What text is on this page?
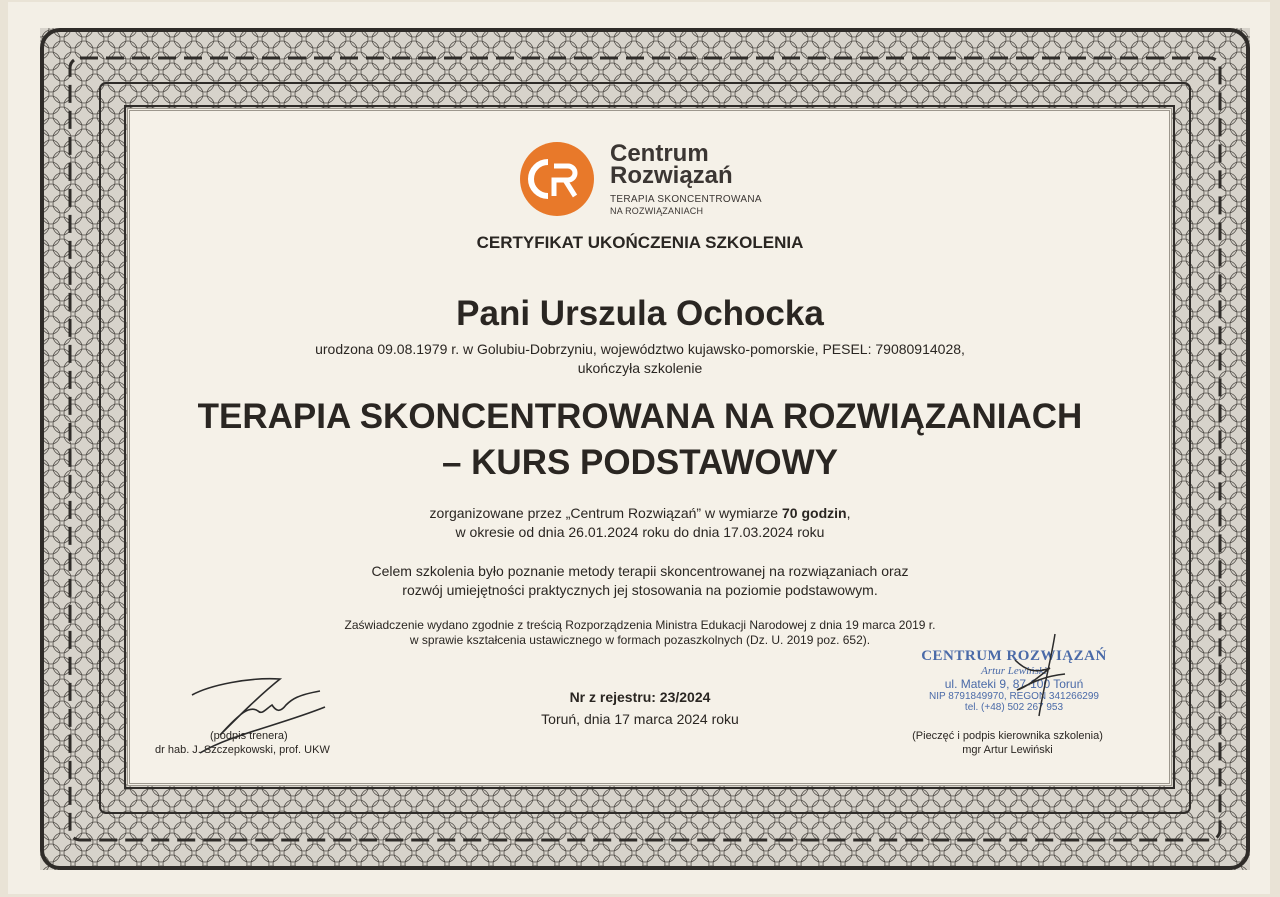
Centrum
Rozwiązań
TERAPIA SKONCENTROWANA
NA ROZWIĄZANIACH
CERTYFIKAT UKOŃCZENIA SZKOLENIA
Pani Urszula Ochocka
urodzona 09.08.1979 r. w Golubiu-Dobrzyniu, województwo kujawsko-pomorskie, PESEL: 79080914028,
ukończyła szkolenie
TERAPIA SKONCENTROWANA NA ROZWIĄZANIACH
– KURS PODSTAWOWY
zorganizowane przez „Centrum Rozwiązań” w wymiarze 70 godzin,
w okresie od dnia 26.01.2024 roku do dnia 17.03.2024 roku
Celem szkolenia było poznanie metody terapii skoncentrowanej na rozwiązaniach oraz
rozwój umiejętności praktycznych jej stosowania na poziomie podstawowym.
Zaświadczenie wydano zgodnie z treścią Rozporządzenia Ministra Edukacji Narodowej z dnia 19 marca 2019 r.
w sprawie kształcenia ustawicznego w formach pozaszkolnych (Dz. U. 2019 poz. 652).
Nr z rejestru: 23/2024
Toruń, dnia 17 marca 2024 roku
(podpis trenera)
dr hab. J. Szczepkowski, prof. UKW
CENTRUM ROZWIĄZAŃ
Artur Lewiński
ul. Mateki 9, 87-100 Toruń
NIP 8791849970, REGON 341266299
tel. (+48) 502 267 953
(Pieczęć i podpis kierownika szkolenia)
mgr Artur Lewiński
